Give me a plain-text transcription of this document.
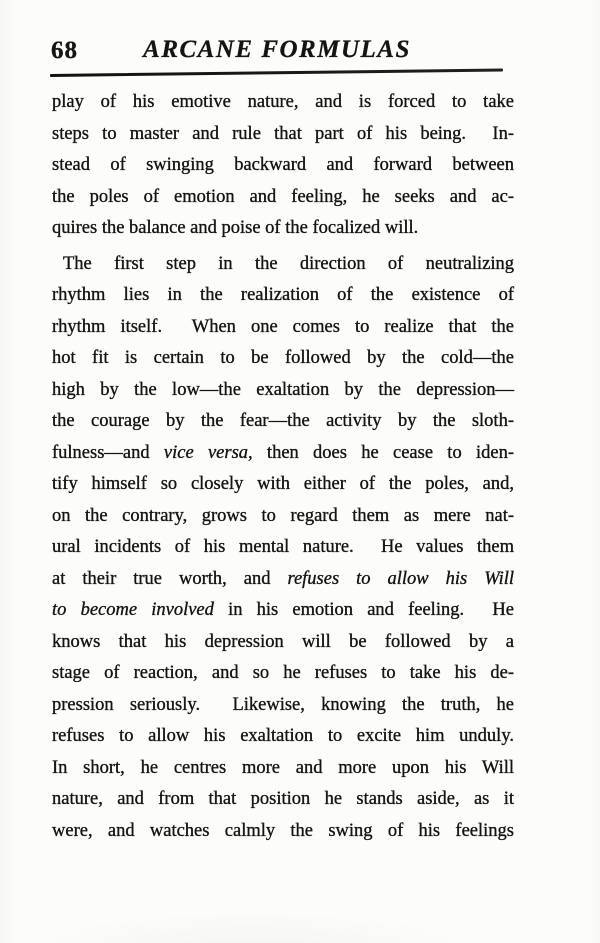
68	ARCANE FORMULAS
play of his emotive nature, and is forced to take
steps to master and rule that part of his being.  In-
stead of swinging backward and forward between
the poles of emotion and feeling, he seeks and ac-
quires the balance and poise of the focalized will.
The first step in the direction of neutralizing
rhythm lies in the realization of the existence of
rhythm itself.  When one comes to realize that the
hot fit is certain to be followed by the cold—the
high by the low—the exaltation by the depression—
the courage by the fear—the activity by the sloth-
fulness—and vice versa, then does he cease to iden-
tify himself so closely with either of the poles, and,
on the contrary, grows to regard them as mere nat-
ural incidents of his mental nature.  He values them
at their true worth, and refuses to allow his Will
to become involved in his emotion and feeling.  He
knows that his depression will be followed by a
stage of reaction, and so he refuses to take his de-
pression seriously.  Likewise, knowing the truth, he
refuses to allow his exaltation to excite him unduly.
In short, he centres more and more upon his Will
nature, and from that position he stands aside, as it
were, and watches calmly the swing of his feelings
